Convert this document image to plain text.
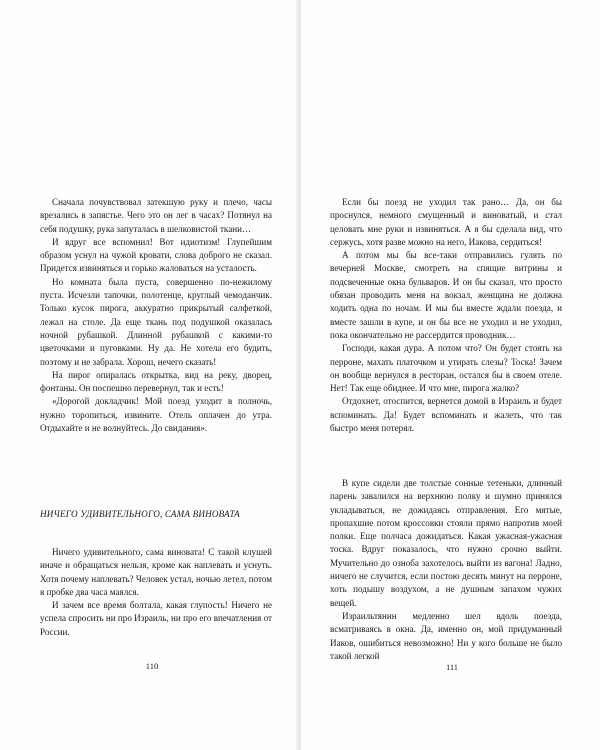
Сначала почувствовал затекшую руку и плечо, часы врезались в запястье. Чего это он лег в часах? Потянул на себя подушку, рука запуталась в шелковистой ткани…

И вдруг все вспомнил! Вот идиотизм! Глупейшим образом уснул на чужой кровати, слова доброго не сказал. Придется извиняться и горько жаловаться на усталость.

Но комната была пуста, совершенно по-нежилому пуста. Исчезли тапочки, полотенце, круглый чемоданчик. Только кусок пирога, аккуратно прикрытый салфеткой, лежал на столе. Да еще ткань под подушкой оказалась ночной рубашкой. Длинной рубашкой с какими-то цветочками и пуговками. Ну да. Не хотела его будить, поэтому и не забрала. Хорош, нечего сказать!

На пирог опиралась открытка, вид на реку, дворец, фонтаны. Он поспешно перевернул, так и есть!

«Дорогой докладчик! Мой поезд уходит в полночь, нужно торопиться, извините. Отель оплачен до утра. Отдыхайте и не волнуйтесь. До свидания».

НИЧЕГО УДИВИТЕЛЬНОГО, САМА ВИНОВАТА

Ничего удивительного, сама виновата! С такой клушей иначе и обращаться нельзя, кроме как наплевать и уснуть. Хотя почему наплевать? Человек устал, ночью летел, потом в пробке два часа маялся.

И зачем все время болтала, какая глупость! Ничего не успела спросить ни про Израиль, ни про его впечатления от России.

110	111

Если бы поезд не уходил так рано… Да, он бы проснулся, немного смущенный и виноватый, и стал целовать мне руки и извиняться. А я бы сделала вид, что сержусь, хотя разве можно на него, Иакова, сердиться!

А потом мы бы все-таки отправились гулять по вечерней Москве, смотреть на спящие витрины и подсвеченные окна бульваров. И он бы сказал, что просто обязан проводить меня на вокзал, женщина не должна ходить одна по ночам. И мы бы вместе ждали поезда, и вместе зашли в купе, и он бы все не уходил и не уходил, пока окончательно не рассердится проводник…

Господи, какая дура. А потом что? Он будет стоять на перроне, махать платочком и утирать слезы? Тоска! Зачем он вообще вернулся в ресторан, остался бы в своем отеле. Нет! Так еще обиднее. И что мне, пирога жалко?

Отдохнет, отоспится, вернется домой в Израиль и будет вспоминать. Да! Будет вспоминать и жалеть, что так быстро меня потерял.

В купе сидели две толстые сонные тетеньки, длинный парень завалился на верхнюю полку и шумно принялся укладываться, не дожидаясь отправления. Его мятые, пропахшие потом кроссовки стояли прямо напротив моей полки. Еще полчаса дожидаться. Какая ужасная-ужасная тоска. Вдруг показалось, что нужно срочно выйти. Мучительно до озноба захотелось выйти из вагона! Ладно, ничего не случится, если постою десять минут на перроне, хоть подышу воздухом, а не душным запахом чужих вещей.

Израильтянин медленно шел вдоль поезда, всматриваясь в окна. Да, именно он, мой придуманный Иаков, ошибиться невозможно! Ни у кого больше не было такой легкой
